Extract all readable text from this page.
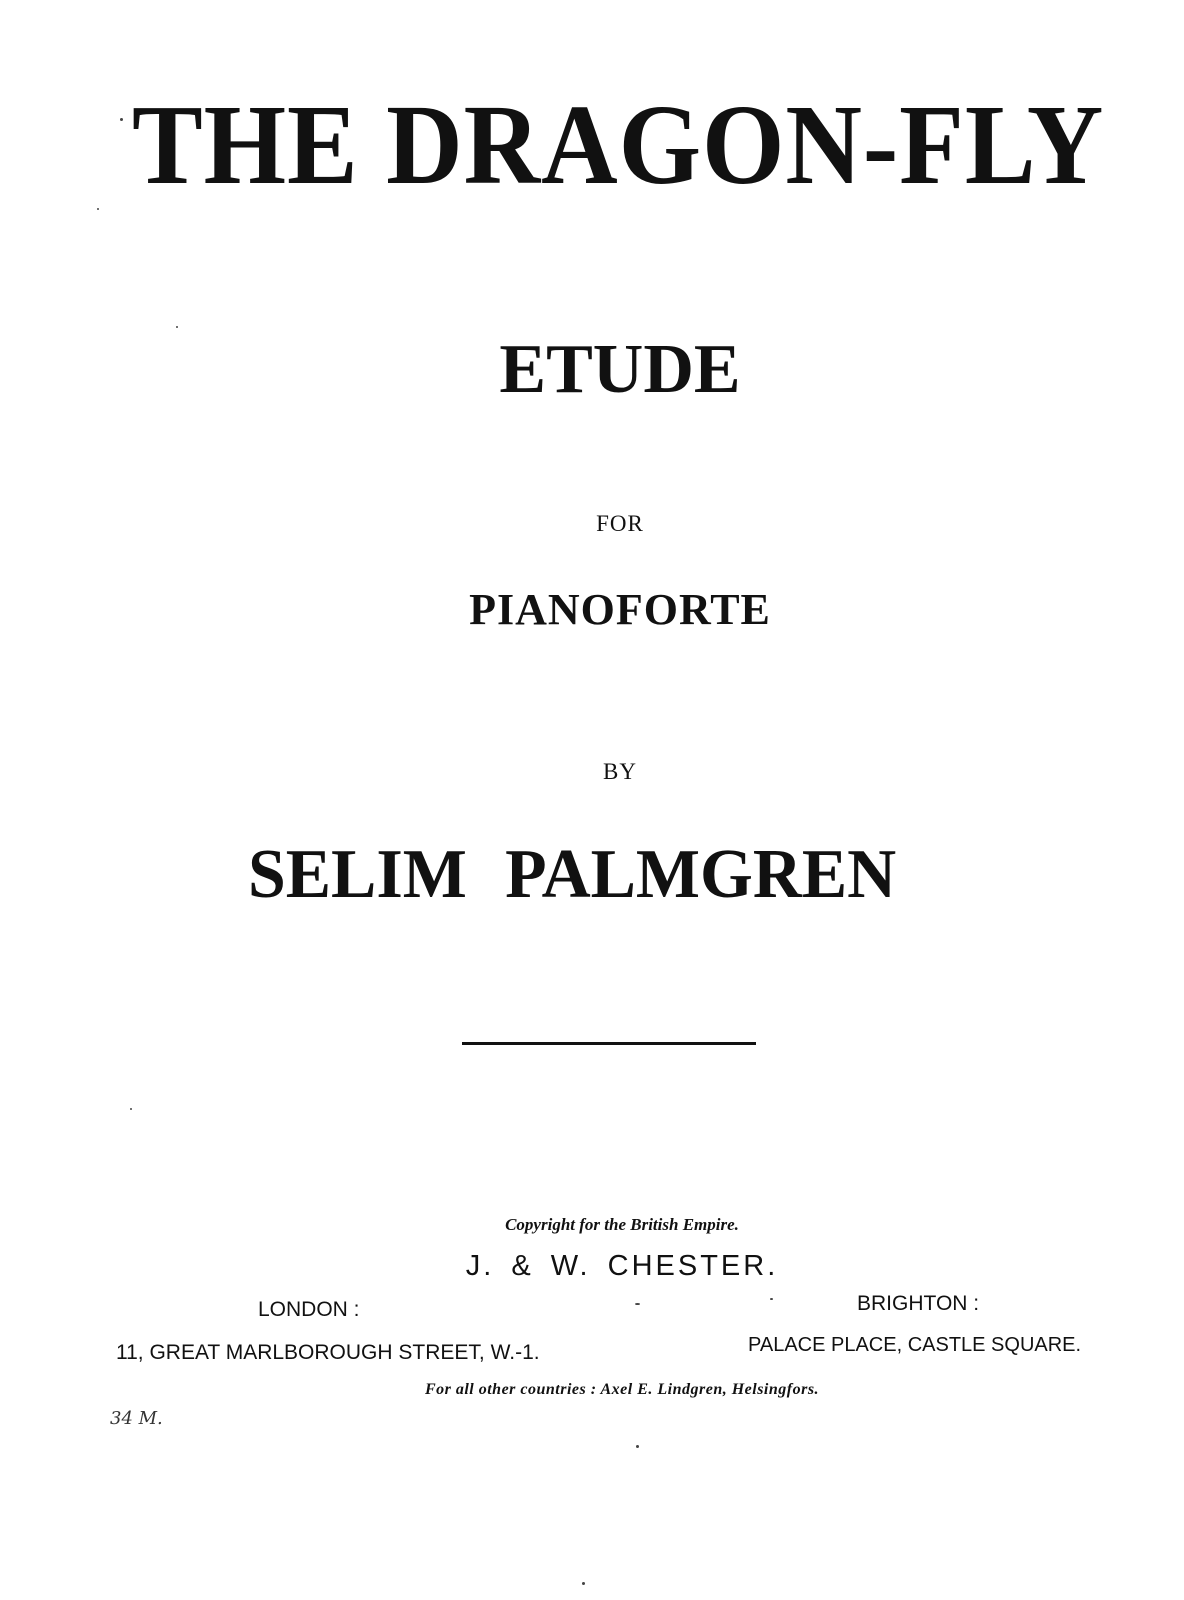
THE DRAGON-FLY
ETUDE
FOR
PIANOFORTE
BY
SELIM PALMGREN
Copyright for the British Empire.
J. & W. CHESTER.
LONDON :	BRIGHTON :
11, GREAT MARLBOROUGH STREET, W.-1.	PALACE PLACE, CASTLE SQUARE.
For all other countries : Axel E. Lindgren, Helsingfors.
34 M.
